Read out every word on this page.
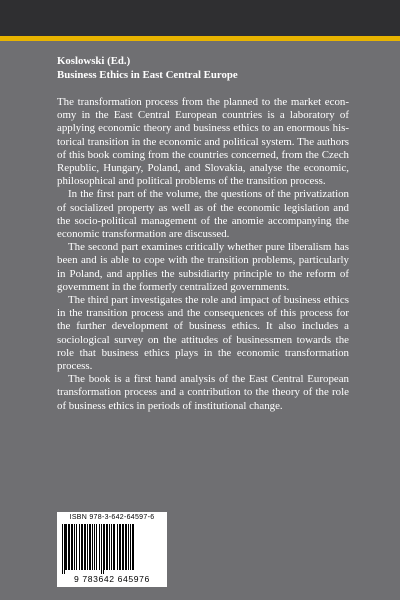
Koslowski (Ed.)
Business Ethics in East Central Europe

The transformation process from the planned to the market economy in the East Central European countries is a laboratory of applying economic theory and business ethics to an enormous historical transition in the economic and political system. The authors of this book coming from the countries concerned, from the Czech Republic, Hungary, Poland, and Slovakia, analyse the economic, philosophical and political problems of the transition process.

In the first part of the volume, the questions of the privatization of socialized property as well as of the economic legislation and the socio-political management of the anomie accompanying the economic transformation are discussed.

The second part examines critically whether pure liberalism has been and is able to cope with the transition problems, particularly in Poland, and applies the subsidiarity principle to the reform of government in the formerly centralized governments.

The third part investigates the role and impact of business ethics in the transition process and the consequences of this process for the further development of business ethics. It also includes a sociological survey on the attitudes of businessmen towards the role that business ethics plays in the economic transformation process.

The book is a first hand analysis of the East Central European transformation process and a contribution to the theory of the role of business ethics in periods of institutional change.

ISBN 978-3-642-64597-6
9 783642 645976
